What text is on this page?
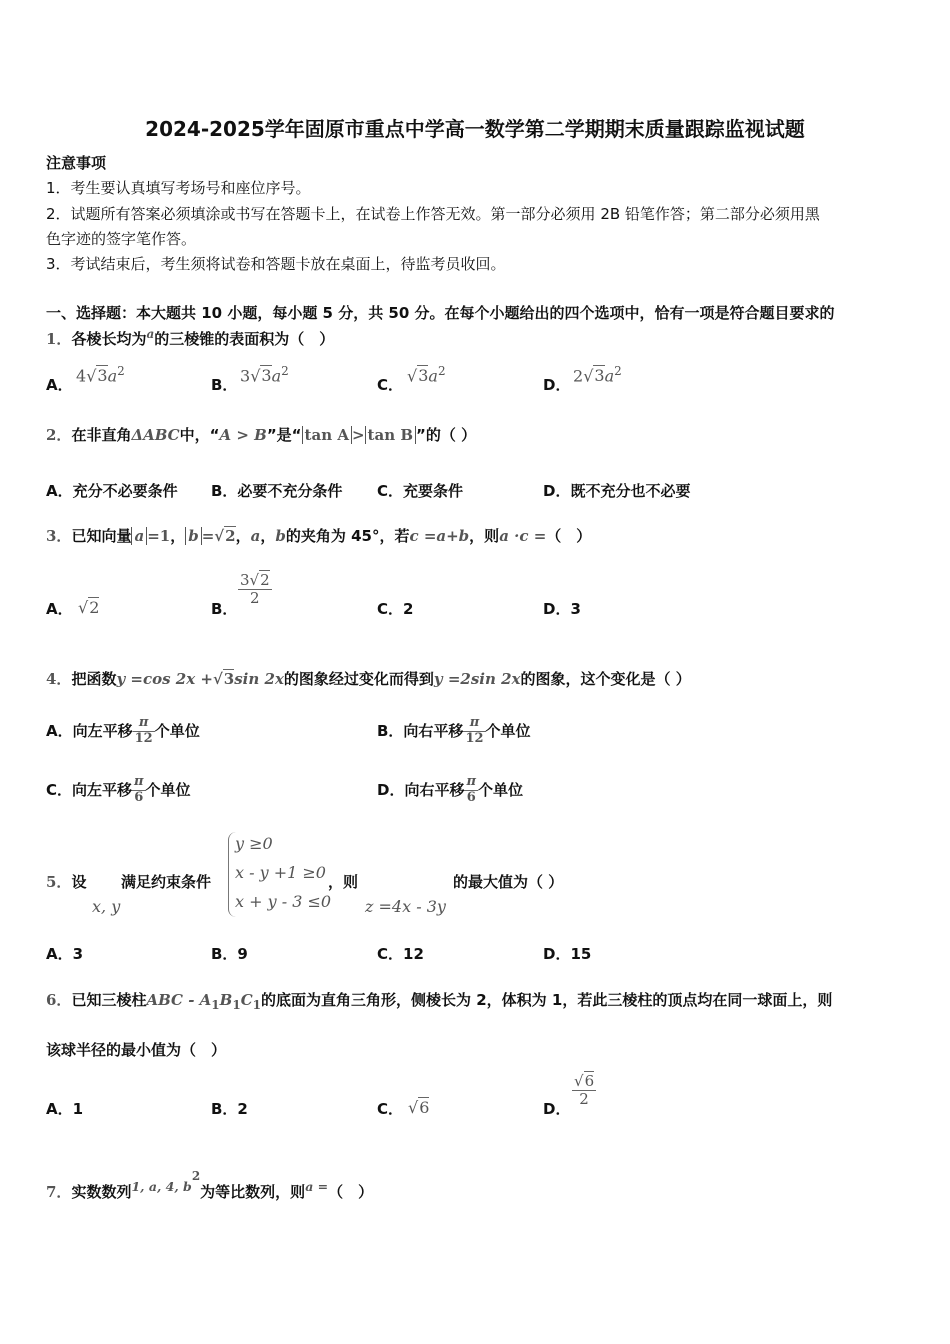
2024-2025学年固原市重点中学高一数学第二学期期末质量跟踪监视试题
注意事项
1．考生要认真填写考场号和座位序号。
2．试题所有答案必须填涂或书写在答题卡上，在试卷上作答无效。第一部分必须用 2B 铅笔作答；第二部分必须用黑
色字迹的签字笔作答。
3．考试结束后，考生须将试卷和答题卡放在桌面上，待监考员收回。
一、选择题：本大题共 10 小题，每小题 5 分，共 50 分。在每个小题给出的四个选项中，恰有一项是符合题目要求的
1．各棱长均为$^a$的三棱锥的表面积为（　）
A． $4√3a^2$
B． $3√3a^2$
C． $√3a^2$
D． $2√3a^2$
2．在非直角ΔABC中，“A > B”是“ tan A > tan B ”的（ ）
A．充分不必要条件 B．必要不充分条件 C．充要条件	D．既不充分也不必要
3．已知向量 a =1， b =√2，a，b的夹角为 45°，若c =a+b，则a ·c =（　）
A． √2	B．
$\frac{3√2}{2}$
C．2	D．3
4．把函数y =cos 2x +√3sin 2x的图象经过变化而得到y =2sin 2x的图象，这个变化是（ ）
A．向左平移 $\frac{\pi}{12}$ 个单位	B．向右平移 $\frac{\pi}{12}$ 个单位
C．向左平移 $\frac{\pi}{6}$ 个单位	D．向右平移 $\frac{\pi}{6}$ 个单位
5．设
x, y
满足约束条件
y ≥0
x - y +1 ≥0
x + y - 3 ≤0
，则
z =4x - 3y
的最大值为（ ）
A．3	B．9	C．12	D．15
6．已知三棱柱ABC - $A_1B_1C_1$的底面为直角三角形，侧棱长为 2，体积为 1，若此三棱柱的顶点均在同一球面上，则
该球半径的最小值为（　）
A．1	B．2	C． √6	D．
$\frac{√6}{2}$
7．实数数列$^{1, a, 4, b2}$为等比数列，则$^{a =}$（　）
